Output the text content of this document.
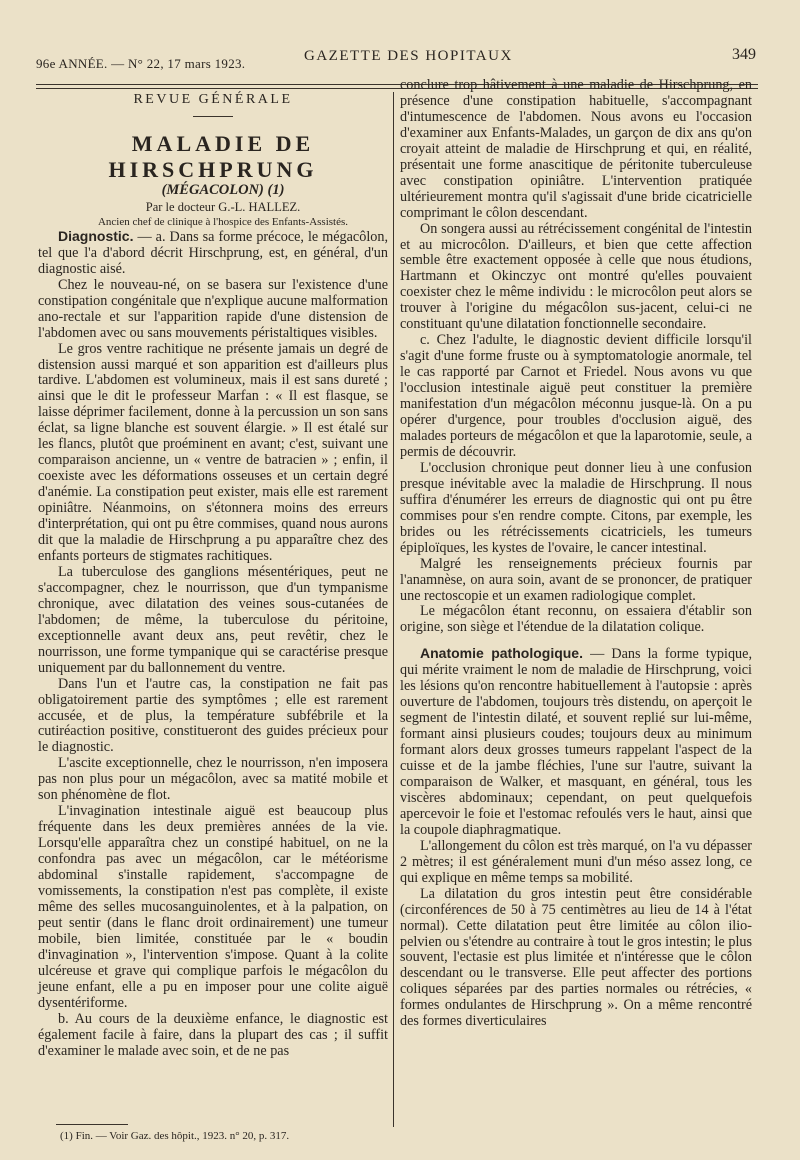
96e ANNÉE. — N° 22, 17 mars 1923.	GAZETTE DES HOPITAUX	349

REVUE GÉNÉRALE

MALADIE DE HIRSCHPRUNG

(MÉGACOLON) (1)

Par le docteur G.-L. HALLEZ.

Ancien chef de clinique à l'hospice des Enfants-Assistés.

Diagnostic. — a. Dans sa forme précoce, le mégacôlon, tel que l'a d'abord décrit Hirschprung, est, en général, d'un diagnostic aisé.

Chez le nouveau-né, on se basera sur l'existence d'une constipation congénitale que n'explique aucune malformation ano-rectale et sur l'apparition rapide d'une distension de l'abdomen avec ou sans mouvements péristaltiques visibles.

Le gros ventre rachitique ne présente jamais un degré de distension aussi marqué et son apparition est d'ailleurs plus tardive. L'abdomen est volumineux, mais il est sans dureté ; ainsi que le dit le professeur Marfan : « Il est flasque, se laisse déprimer facilement, donne à la percussion un son sans éclat, sa ligne blanche est souvent élargie. » Il est étalé sur les flancs, plutôt que proéminent en avant; c'est, suivant une comparaison ancienne, un « ventre de batracien » ; enfin, il coexiste avec les déformations osseuses et un certain degré d'anémie. La constipation peut exister, mais elle est rarement opiniâtre. Néanmoins, on s'étonnera moins des erreurs d'interprétation, qui ont pu être commises, quand nous aurons dit que la maladie de Hirschprung a pu apparaître chez des enfants porteurs de stigmates rachitiques.

La tuberculose des ganglions mésentériques, peut ne s'accompagner, chez le nourrisson, que d'un tympanisme chronique, avec dilatation des veines sous-cutanées de l'abdomen; de même, la tuberculose du péritoine, exceptionnelle avant deux ans, peut revêtir, chez le nourrisson, une forme tympanique qui se caractérise presque uniquement par du ballonnement du ventre.

Dans l'un et l'autre cas, la constipation ne fait pas obligatoirement partie des symptômes ; elle est rarement accusée, et de plus, la température subfébrile et la cutiréaction positive, constitueront des guides précieux pour le diagnostic.

L'ascite exceptionnelle, chez le nourrisson, n'en imposera pas non plus pour un mégacôlon, avec sa matité mobile et son phénomène de flot.

L'invagination intestinale aiguë est beaucoup plus fréquente dans les deux premières années de la vie. Lorsqu'elle apparaîtra chez un constipé habituel, on ne la confondra pas avec un mégacôlon, car le météorisme abdominal s'installe rapidement, s'accompagne de vomissements, la constipation n'est pas complète, il existe même des selles mucosanguinolentes, et à la palpation, on peut sentir (dans le flanc droit ordinairement) une tumeur mobile, bien limitée, constituée par le « boudin d'invagination », l'intervention s'impose. Quant à la colite ulcéreuse et grave qui complique parfois le mégacôlon du jeune enfant, elle a pu en imposer pour une colite aiguë dysentériforme.

b. Au cours de la deuxième enfance, le diagnostic est également facile à faire, dans la plupart des cas ; il suffit d'examiner le malade avec soin, et de ne pas

conclure trop hâtivement à une maladie de Hirschprung, en présence d'une constipation habituelle, s'accompagnant d'intumescence de l'abdomen. Nous avons eu l'occasion d'examiner aux Enfants-Malades, un garçon de dix ans qu'on croyait atteint de maladie de Hirschprung et qui, en réalité, présentait une forme anascitique de péritonite tuberculeuse avec constipation opiniâtre. L'intervention pratiquée ultérieurement montra qu'il s'agissait d'une bride cicatricielle comprimant le côlon descendant.

On songera aussi au rétrécissement congénital de l'intestin et au microcôlon. D'ailleurs, et bien que cette affection semble être exactement opposée à celle que nous étudions, Hartmann et Okinczyc ont montré qu'elles pouvaient coexister chez le même individu : le microcôlon peut alors se trouver à l'origine du mégacôlon sus-jacent, celui-ci ne constituant qu'une dilatation fonctionnelle secondaire.

c. Chez l'adulte, le diagnostic devient difficile lorsqu'il s'agit d'une forme fruste ou à symptomatologie anormale, tel le cas rapporté par Carnot et Friedel. Nous avons vu que l'occlusion intestinale aiguë peut constituer la première manifestation d'un mégacôlon méconnu jusque-là. On a pu opérer d'urgence, pour troubles d'occlusion aiguë, des malades porteurs de mégacôlon et que la laparotomie, seule, a permis de découvrir.

L'occlusion chronique peut donner lieu à une confusion presque inévitable avec la maladie de Hirschprung. Il nous suffira d'énumérer les erreurs de diagnostic qui ont pu être commises pour s'en rendre compte. Citons, par exemple, les brides ou les rétrécissements cicatriciels, les tumeurs épiploïques, les kystes de l'ovaire, le cancer intestinal.

Malgré les renseignements précieux fournis par l'anamnèse, on aura soin, avant de se prononcer, de pratiquer une rectoscopie et un examen radiologique complet.

Le mégacôlon étant reconnu, on essaiera d'établir son origine, son siège et l'étendue de la dilatation colique.

Anatomie pathologique. — Dans la forme typique, qui mérite vraiment le nom de maladie de Hirschprung, voici les lésions qu'on rencontre habituellement à l'autopsie : après ouverture de l'abdomen, toujours très distendu, on aperçoit le segment de l'intestin dilaté, et souvent replié sur lui-même, formant ainsi plusieurs coudes; toujours deux au minimum formant alors deux grosses tumeurs rappelant l'aspect de la cuisse et de la jambe fléchies, l'une sur l'autre, suivant la comparaison de Walker, et masquant, en général, tous les viscères abdominaux; cependant, on peut quelquefois apercevoir le foie et l'estomac refoulés vers le haut, ainsi que la coupole diaphragmatique.

L'allongement du côlon est très marqué, on l'a vu dépasser 2 mètres; il est généralement muni d'un méso assez long, ce qui explique en même temps sa mobilité.

La dilatation du gros intestin peut être considérable (circonférences de 50 à 75 centimètres au lieu de 14 à l'état normal). Cette dilatation peut être limitée au côlon ilio-pelvien ou s'étendre au contraire à tout le gros intestin; le plus souvent, l'ectasie est plus limitée et n'intéresse que le côlon descendant ou le transverse. Elle peut affecter des portions coliques séparées par des parties normales ou rétrécies, « formes ondulantes de Hirschprung ». On a même rencontré des formes diverticulaires

(1) Fin. — Voir Gaz. des hôpit., 1923. n° 20, p. 317.
